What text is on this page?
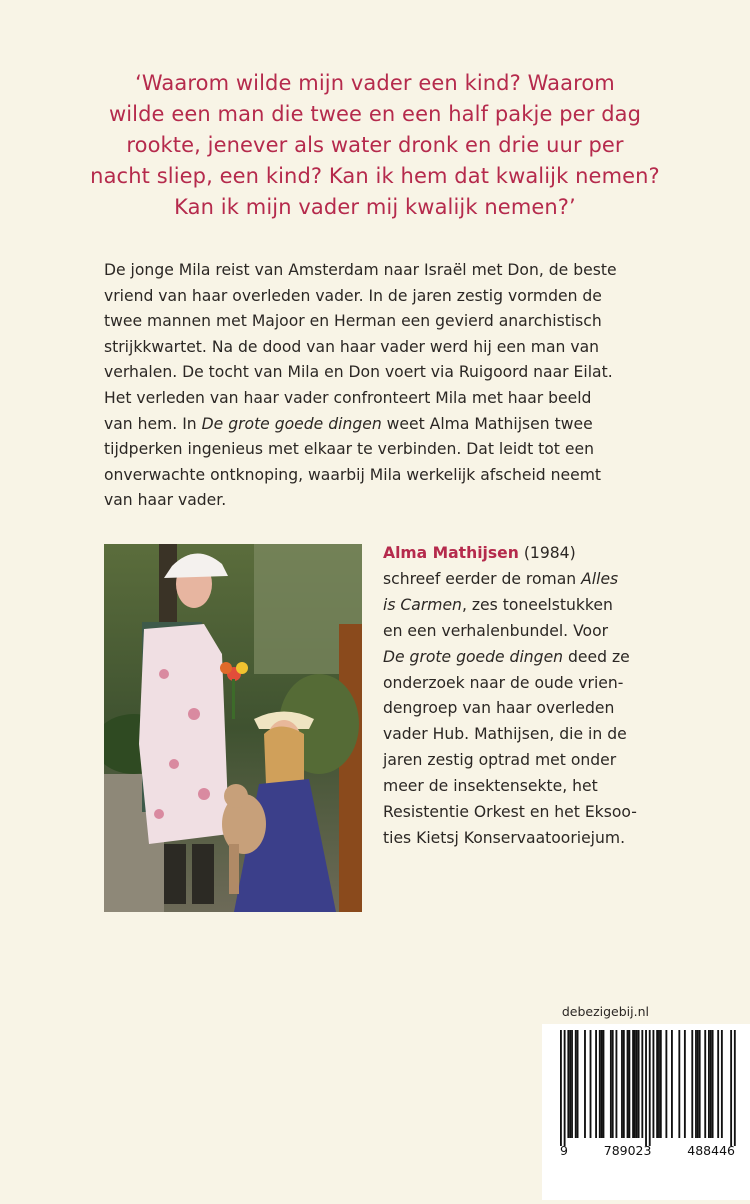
‘Waarom wilde mijn vader een kind? Waarom
wilde een man die twee en een half pakje per dag
rookte, jenever als water dronk en drie uur per
nacht sliep, een kind? Kan ik hem dat kwalijk nemen?
Kan ik mijn vader mij kwalijk nemen?’
De jonge Mila reist van Amsterdam naar Israël met Don, de beste
vriend van haar overleden vader. In de jaren zestig vormden de
twee mannen met Majoor en Herman een gevierd anarchistisch
strijkkwartet. Na de dood van haar vader werd hij een man van
verhalen. De tocht van Mila en Don voert via Ruigoord naar Eilat.
Het verleden van haar vader confronteert Mila met haar beeld
van hem. In De grote goede dingen weet Alma Mathijsen twee
tijdperken ingenieus met elkaar te verbinden. Dat leidt tot een
onverwachte ontknoping, waarbij Mila werkelijk afscheid neemt
van haar vader.
Alma Mathijsen (1984)
schreef eerder de roman Alles
is Carmen, zes toneelstukken
en een verhalenbundel. Voor
De grote goede dingen deed ze
onderzoek naar de oude vrien-
dengroep van haar overleden
vader Hub. Mathijsen, die in de
jaren zestig optrad met onder
meer de insektensekte, het
Resistentie Orkest en het Eksoo-
ties Kietsj Konservaatooriejum.
debezigebij.nl
9	789023	488446
